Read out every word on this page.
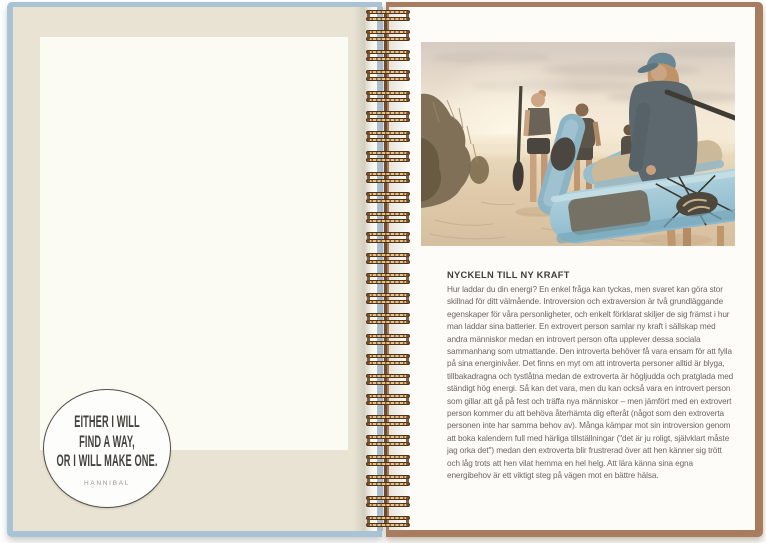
EITHER I WILL
FIND A WAY,
OR I WILL MAKE ONE.
HANNIBAL
NYCKELN TILL NY KRAFT

Hur laddar du din energi? En enkel fråga kan tyckas, men svaret kan göra stor skillnad för ditt välmående. Introversion och extraversion är två grundläggande egenskaper för våra personligheter, och enkelt förklarat skiljer de sig främst i hur man laddar sina batterier. En extrovert person samlar ny kraft i sällskap med andra människor medan en introvert person ofta upplever dessa sociala sammanhang som utmattande. Den introverta behöver få vara ensam för att fylla på sina energinivåer. Det finns en myt om att introverta personer alltid är blyga, tillbakadragna och tystlåtna medan de extroverta är högljudda och pratglada med ständigt hög energi. Så kan det vara, men du kan också vara en introvert person som gillar att gå på fest och träffa nya människor – men jämfört med en extrovert person kommer du att behöva återhämta dig efteråt (något som den extroverta personen inte har samma behov av). Många kämpar mot sin introversion genom att boka kalendern full med härliga tillställningar ("det är ju roligt, självklart måste jag orka det") medan den extroverta blir frustrerad över att hen känner sig trött och låg trots att hen vilat hemma en hel helg. Att lära känna sina egna energibehov är ett viktigt steg på vägen mot en bättre hälsa.
